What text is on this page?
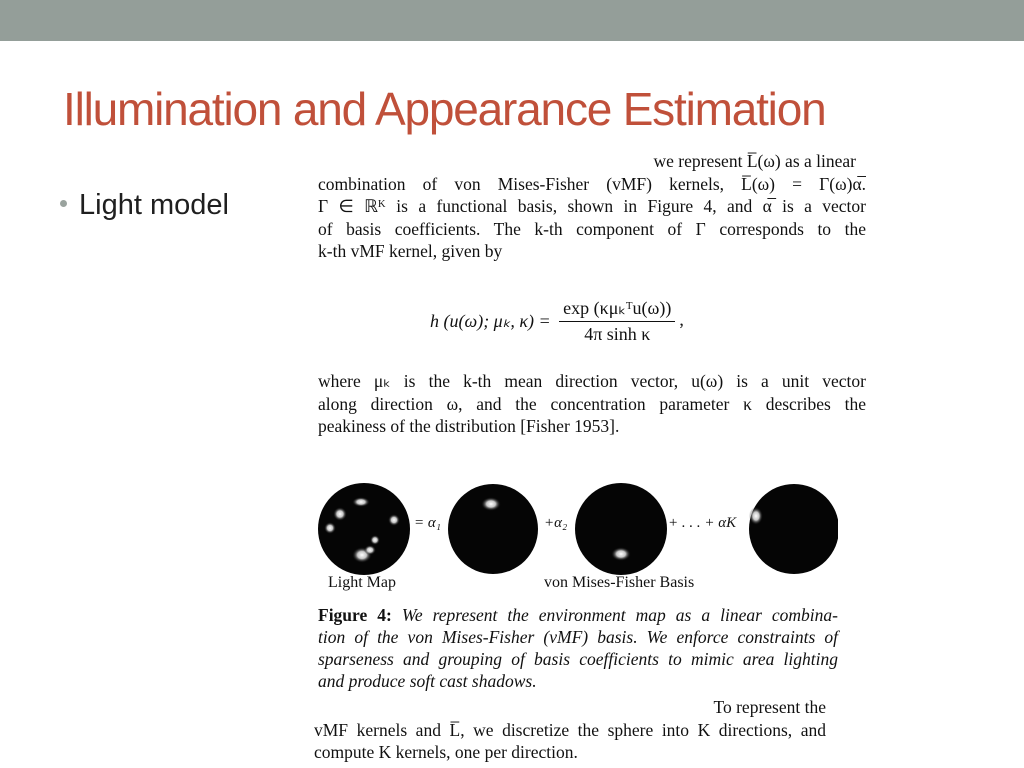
Illumination and Appearance Estimation
Light model
we represent L̅(ω) as a linear
combination of von Mises-Fisher (vMF) kernels, L̅(ω) = Γ(ω)α̅.
Γ ∈ ℝᴷ is a functional basis, shown in Figure 4, and α̅ is a vector
of basis coefficients. The k-th component of Γ corresponds to the
k-th vMF kernel, given by
h (u(ω); μₖ, $\kappa) = \frac{\text{exp (κμₖᵀu(ω))}}{\text{4π sinh κ}}$ ,
where μₖ is the k-th mean direction vector, u(ω) is a unit vector
along direction ω, and the concentration parameter κ describes the
peakiness of the distribution [Fisher 1953].
= α₁	+α₂	+ . . . + αK
Light Map	von Mises-Fisher Basis
Figure 4: We represent the environment map as a linear combina-
tion of the von Mises-Fisher (vMF) basis. We enforce constraints of
sparseness and grouping of basis coefficients to mimic area lighting
and produce soft cast shadows.
To represent the
vMF kernels and L̅, we discretize the sphere into K directions, and
compute K kernels, one per direction.
